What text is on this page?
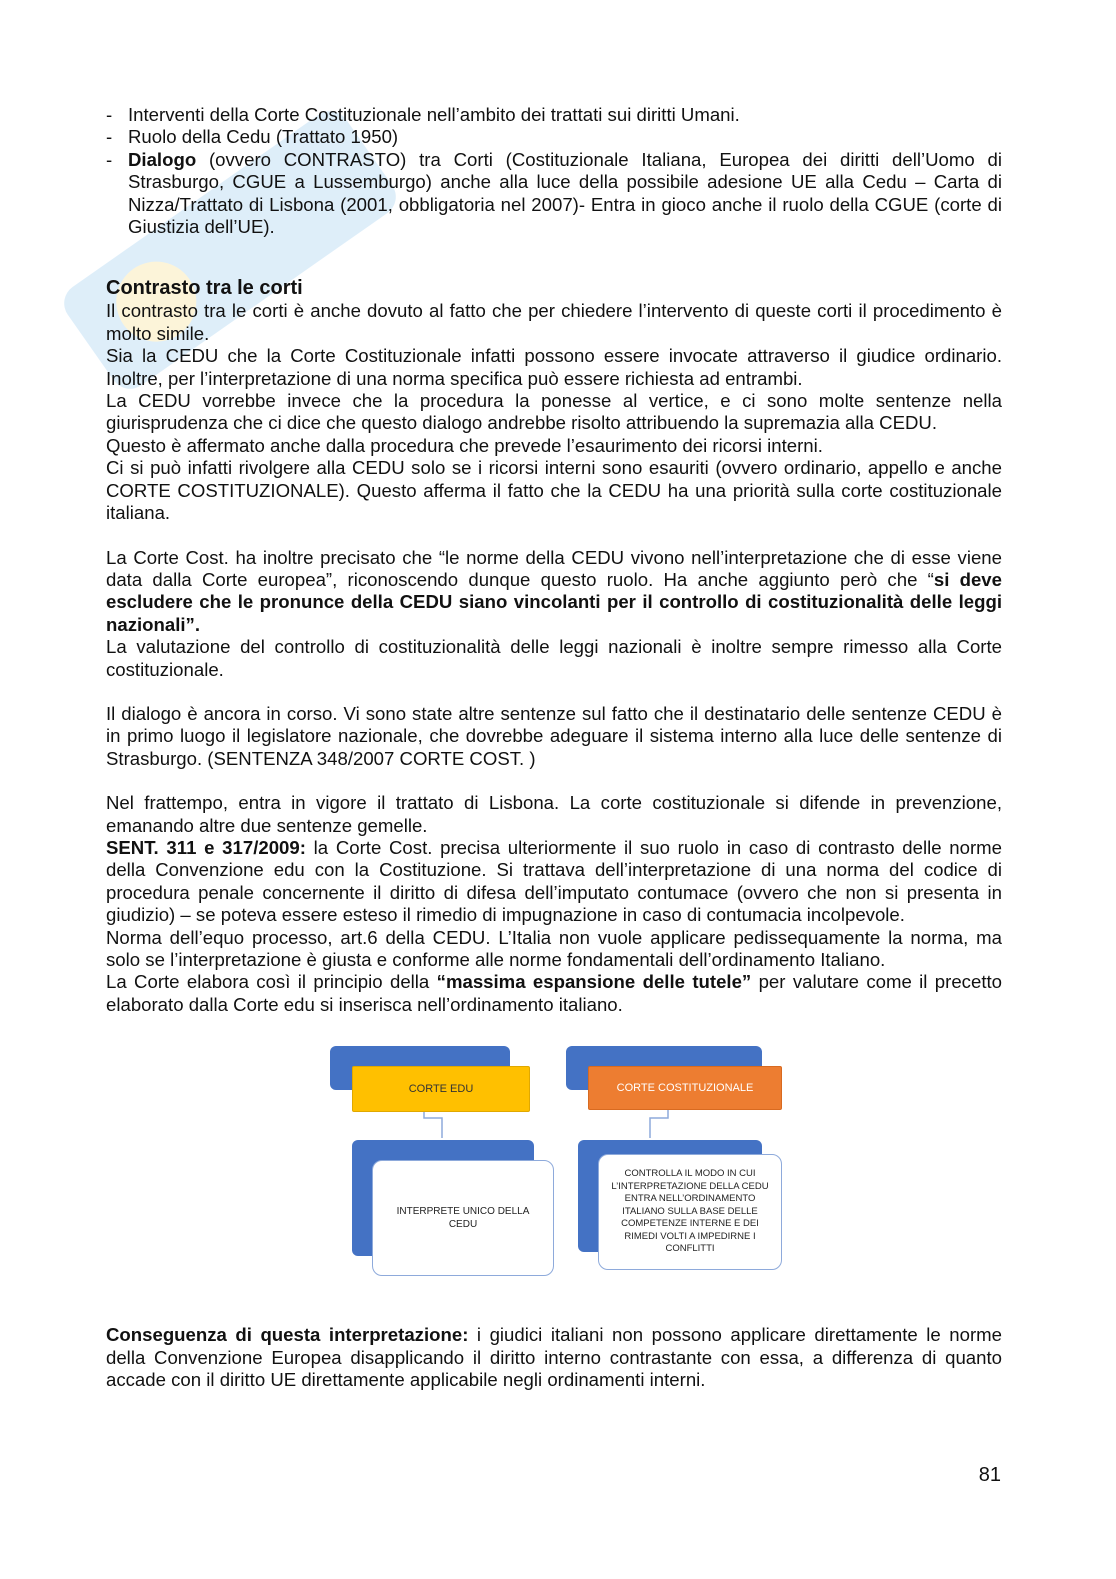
- Interventi della Corte Costituzionale nell’ambito dei trattati sui diritti Umani.
- Ruolo della Cedu (Trattato 1950)
- Dialogo (ovvero CONTRASTO) tra Corti (Costituzionale Italiana, Europea dei diritti dell’Uomo di Strasburgo, CGUE a Lussemburgo) anche alla luce della possibile adesione UE alla Cedu – Carta di Nizza/Trattato di Lisbona (2001, obbligatoria nel 2007)- Entra in gioco anche il ruolo della CGUE (corte di Giustizia dell’UE).
Contrasto tra le corti

Il contrasto tra le corti è anche dovuto al fatto che per chiedere l’intervento di queste corti il procedimento è molto simile.

Sia la CEDU che la Corte Costituzionale infatti possono essere invocate attraverso il giudice ordinario. Inoltre, per l’interpretazione di una norma specifica può essere richiesta ad entrambi.

La CEDU vorrebbe invece che la procedura la ponesse al vertice, e ci sono molte sentenze nella giurisprudenza che ci dice che questo dialogo andrebbe risolto attribuendo la supremazia alla CEDU.

Questo è affermato anche dalla procedura che prevede l’esaurimento dei ricorsi interni.

Ci si può infatti rivolgere alla CEDU solo se i ricorsi interni sono esauriti (ovvero ordinario, appello e anche CORTE COSTITUZIONALE). Questo afferma il fatto che la CEDU ha una priorità sulla corte costituzionale italiana.

La Corte Cost. ha inoltre precisato che “le norme della CEDU vivono nell’interpretazione che di esse viene data dalla Corte europea”, riconoscendo dunque questo ruolo. Ha anche aggiunto però che “si deve escludere che le pronunce della CEDU siano vincolanti per il controllo di costituzionalità delle leggi nazionali”.

La valutazione del controllo di costituzionalità delle leggi nazionali è inoltre sempre rimesso alla Corte costituzionale.

Il dialogo è ancora in corso. Vi sono state altre sentenze sul fatto che il destinatario delle sentenze CEDU è in primo luogo il legislatore nazionale, che dovrebbe adeguare il sistema interno alla luce delle sentenze di Strasburgo. (SENTENZA 348/2007 CORTE COST. )

Nel frattempo, entra in vigore il trattato di Lisbona. La corte costituzionale si difende in prevenzione, emanando altre due sentenze gemelle.

SENT. 311 e 317/2009: la Corte Cost. precisa ulteriormente il suo ruolo in caso di contrasto delle norme della Convenzione edu con la Costituzione. Si trattava dell’interpretazione di una norma del codice di procedura penale concernente il diritto di difesa dell’imputato contumace (ovvero che non si presenta in giudizio) – se poteva essere esteso il rimedio di impugnazione in caso di contumacia incolpevole.

Norma dell’equo processo, art.6 della CEDU. L’Italia non vuole applicare pedissequamente la norma, ma solo se l’interpretazione è giusta e conforme alle norme fondamentali dell’ordinamento Italiano.

La Corte elabora così il principio della “massima espansione delle tutele” per valutare come il precetto elaborato dalla Corte edu si inserisca nell’ordinamento italiano.

CORTE EDU
INTERPRETE UNICO DELLA CEDU
CORTE COSTITUZIONALE
CONTROLLA IL MODO IN CUI L’INTERPRETAZIONE DELLA CEDU ENTRA NELL’ORDINAMENTO ITALIANO SULLA BASE DELLE COMPETENZE INTERNE E DEI RIMEDI VOLTI A IMPEDIRNE I CONFLITTI

Conseguenza di questa interpretazione: i giudici italiani non possono applicare direttamente le norme della Convenzione Europea disapplicando il diritto interno contrastante con essa, a differenza di quanto accade con il diritto UE direttamente applicabile negli ordinamenti interni.

81
